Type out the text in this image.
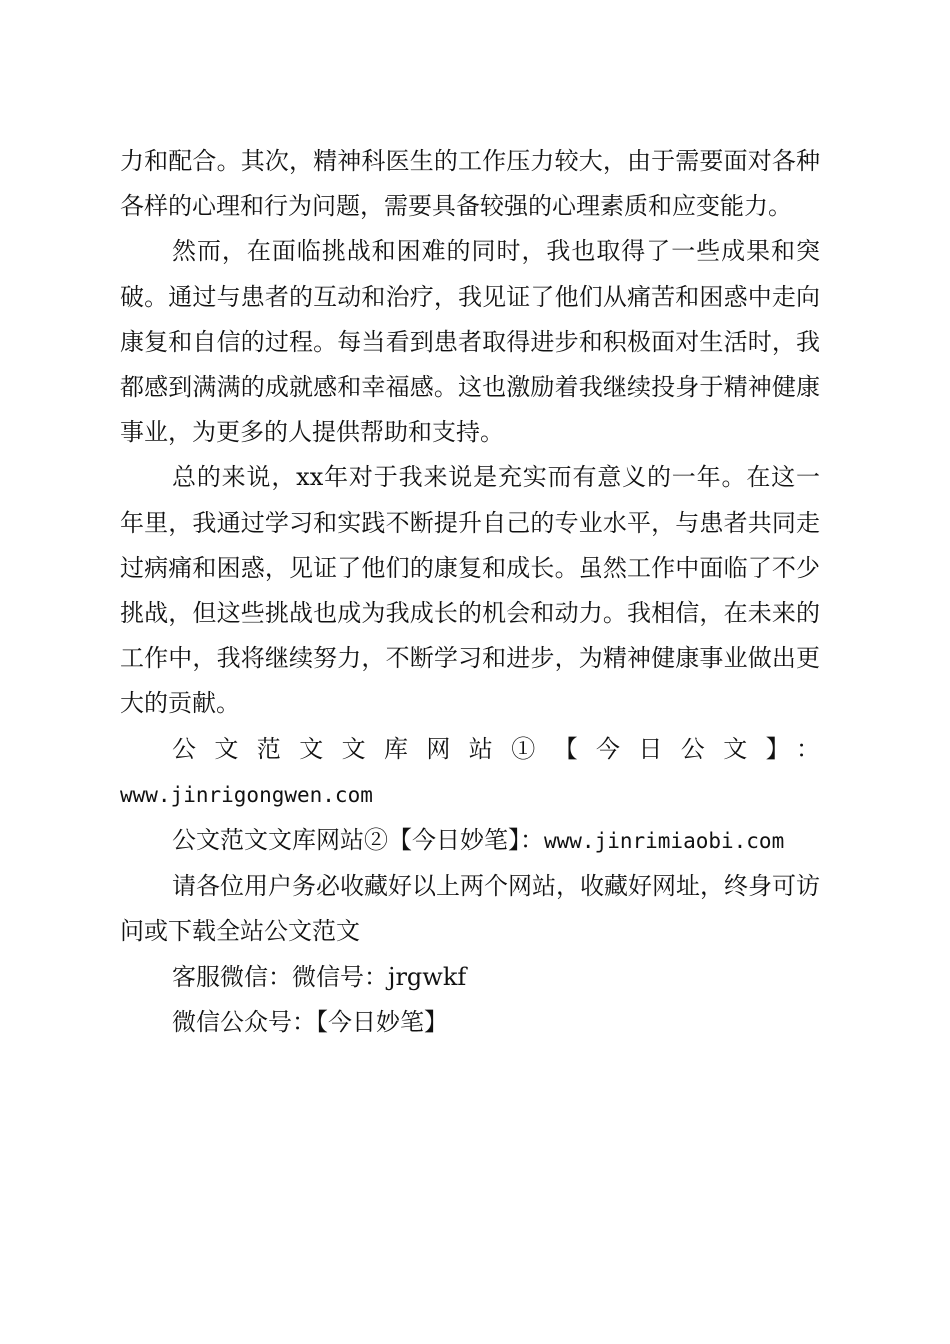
力和配合。其次，精神科医生的工作压力较大，由于需要面对各种各样的心理和行为问题，需要具备较强的心理素质和应变能力。

然而，在面临挑战和困难的同时，我也取得了一些成果和突破。通过与患者的互动和治疗，我见证了他们从痛苦和困惑中走向康复和自信的过程。每当看到患者取得进步和积极面对生活时，我都感到满满的成就感和幸福感。这也激励着我继续投身于精神健康事业，为更多的人提供帮助和支持。

总的来说，xx年对于我来说是充实而有意义的一年。在这一年里，我通过学习和实践不断提升自己的专业水平，与患者共同走过病痛和困惑，见证了他们的康复和成长。虽然工作中面临了不少挑战，但这些挑战也成为我成长的机会和动力。我相信，在未来的工作中，我将继续努力，不断学习和进步，为精神健康事业做出更大的贡献。

公文范文文库网站①【今日公文】：

www.jinrigongwen.com

公文范文文库网站②【今日妙笔】：www.jinrimiaobi.com

请各位用户务必收藏好以上两个网站，收藏好网址，终身可访问或下载全站公文范文

客服微信：微信号：jrgwkf

微信公众号：【今日妙笔】
